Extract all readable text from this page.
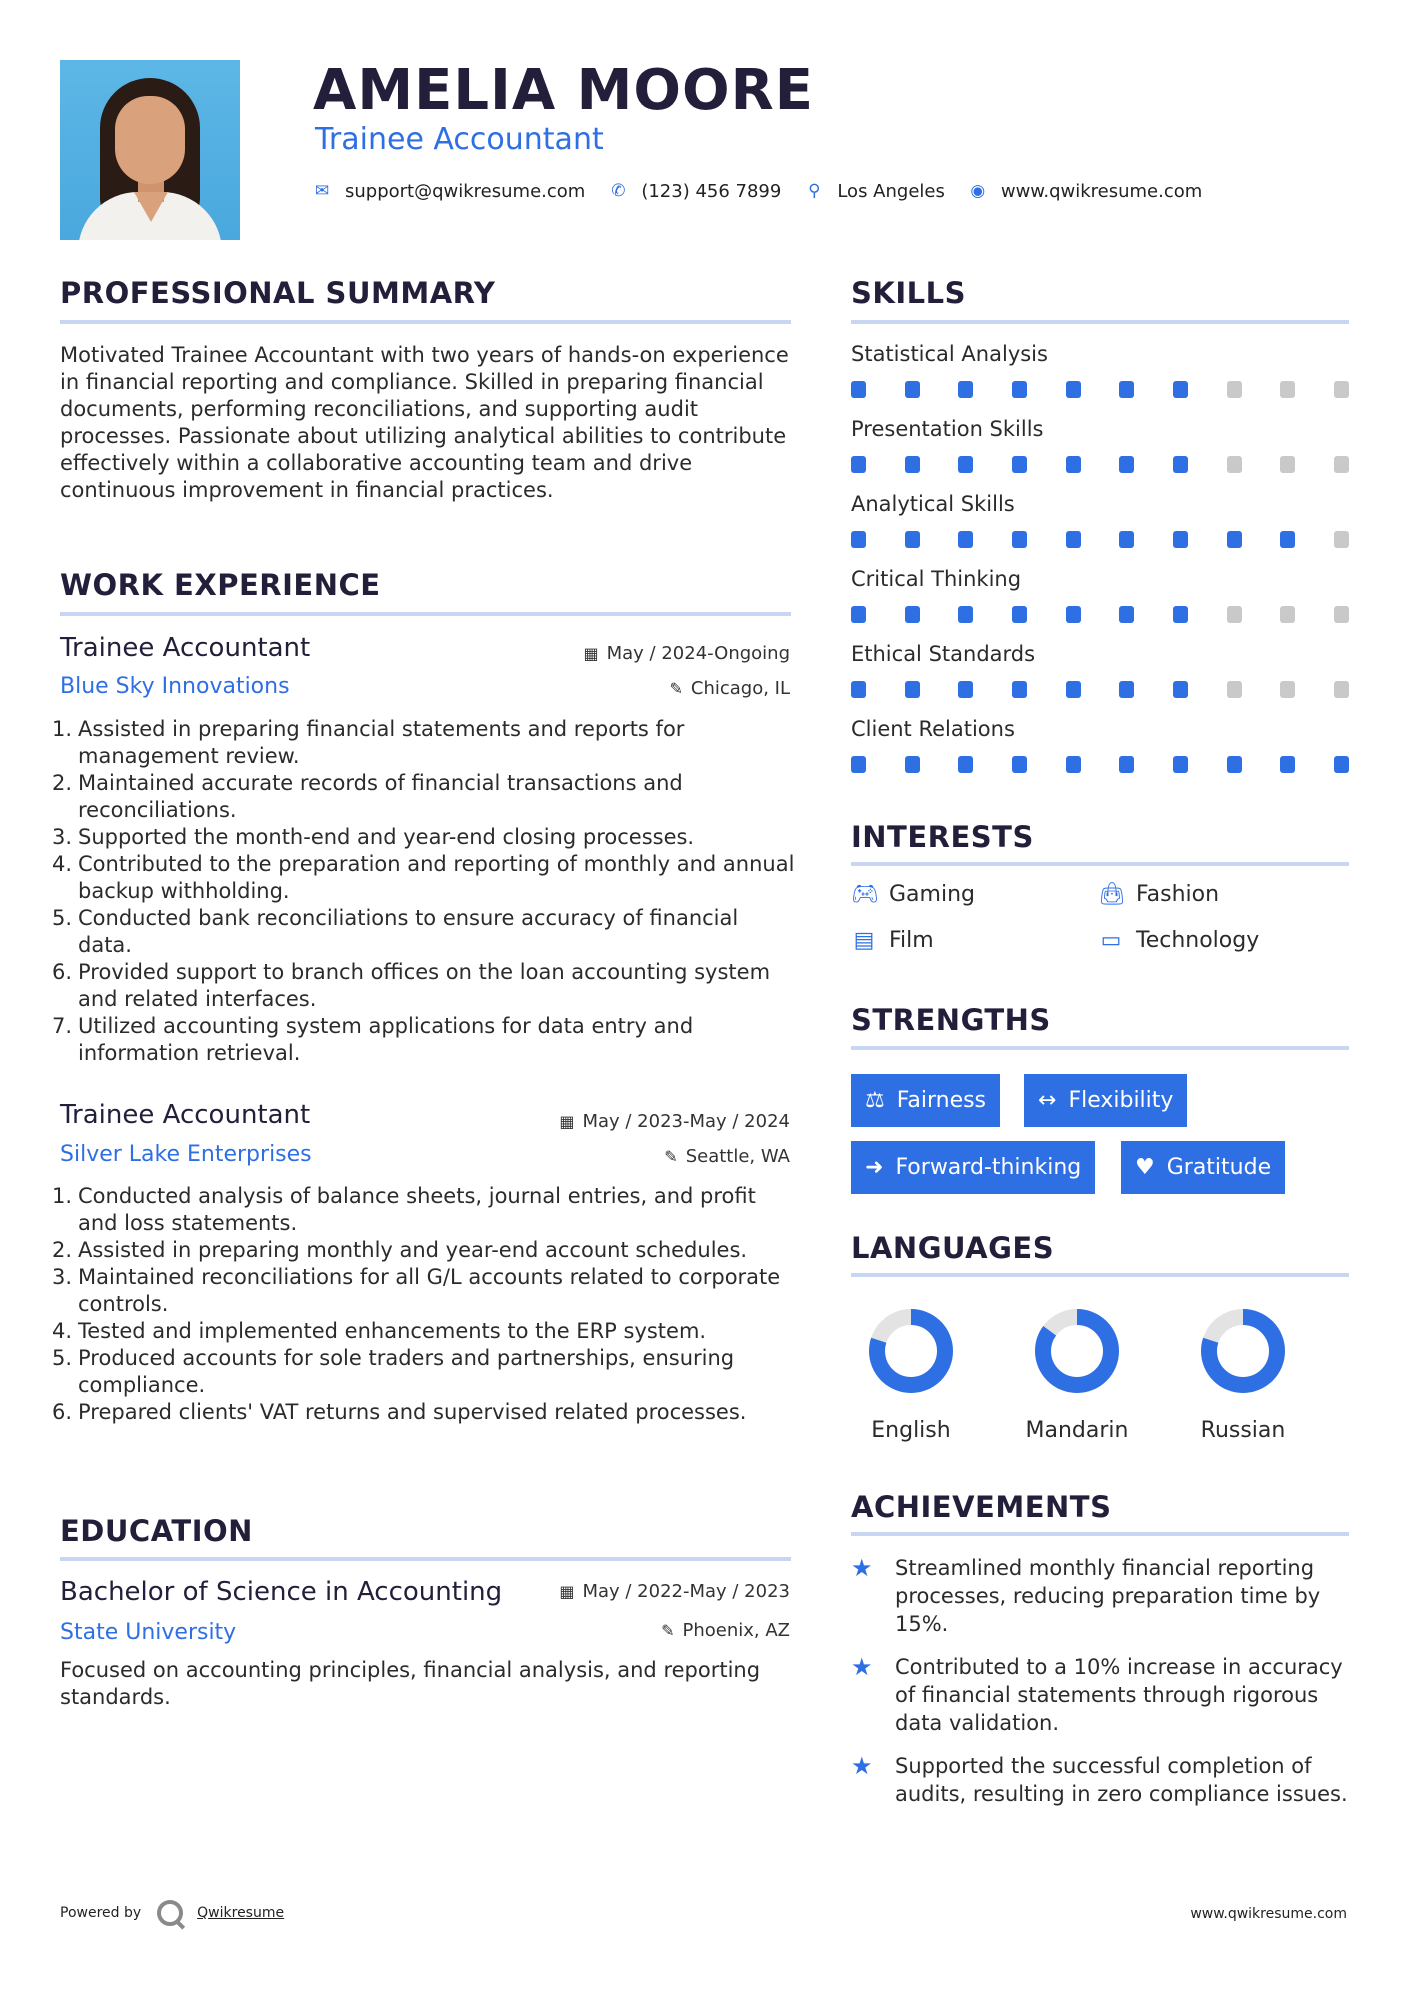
AMELIA MOORE
Trainee Accountant
✉ support@qwikresume.com ✆ (123) 456 7899 ⚲ Los Angeles ◉ www.qwikresume.com
PROFESSIONAL SUMMARY
Motivated Trainee Accountant with two years of hands-on experience in financial reporting and compliance. Skilled in preparing financial documents, performing reconciliations, and supporting audit processes. Passionate about utilizing analytical abilities to contribute effectively within a collaborative accounting team and drive continuous improvement in financial practices.
WORK EXPERIENCE
Trainee Accountant	▦ May / 2024-Ongoing
Blue Sky Innovations	✎ Chicago, IL
1. Assisted in preparing financial statements and reports for management review.
2. Maintained accurate records of financial transactions and reconciliations.
3. Supported the month-end and year-end closing processes.
4. Contributed to the preparation and reporting of monthly and annual backup withholding.
5. Conducted bank reconciliations to ensure accuracy of financial data.
6. Provided support to branch offices on the loan accounting system and related interfaces.
7. Utilized accounting system applications for data entry and information retrieval.
Trainee Accountant	▦ May / 2023-May / 2024
Silver Lake Enterprises	✎ Seattle, WA
1. Conducted analysis of balance sheets, journal entries, and profit and loss statements.
2. Assisted in preparing monthly and year-end account schedules.
3. Maintained reconciliations for all G/L accounts related to corporate controls.
4. Tested and implemented enhancements to the ERP system.
5. Produced accounts for sole traders and partnerships, ensuring compliance.
6. Prepared clients' VAT returns and supervised related processes.
EDUCATION
Bachelor of Science in Accounting	▦ May / 2022-May / 2023
State University	✎ Phoenix, AZ
Focused on accounting principles, financial analysis, and reporting standards.
SKILLS
Statistical Analysis
Presentation Skills
Analytical Skills
Critical Thinking
Ethical Standards
Client Relations
INTERESTS
🎮︎ Gaming	👜︎ Fashion
▤ Film	▭ Technology
STRENGTHS
⚖ Fairness ↔ Flexibility
➜ Forward-thinking ♥ Gratitude
LANGUAGES
English	Mandarin	Russian
ACHIEVEMENTS
★	Streamlined monthly financial reporting processes, reducing preparation time by 15%.
★	Contributed to a 10% increase in accuracy of financial statements through rigorous data validation.
★	Supported the successful completion of audits, resulting in zero compliance issues.
Powered by	Qwikresume	www.qwikresume.com
